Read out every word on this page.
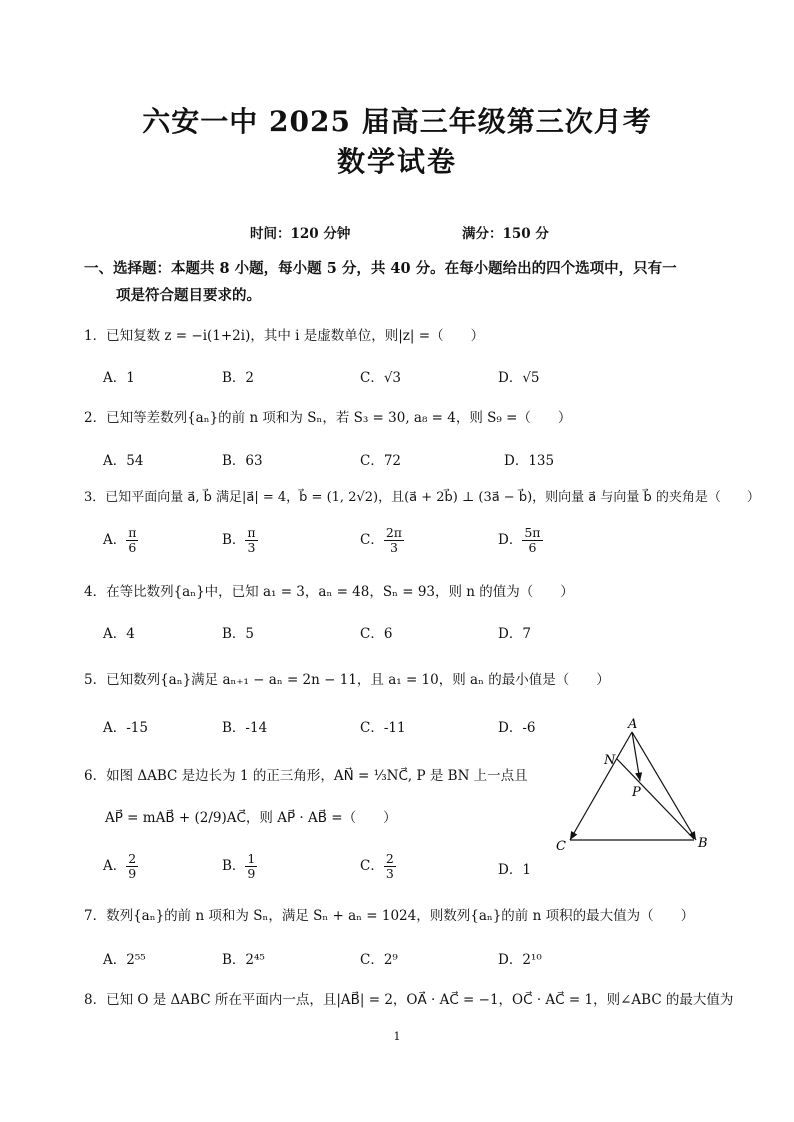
六安一中 2025 届高三年级第三次月考
数学试卷
时间：120 分钟	满分：150 分
一、选择题：本题共 8 小题，每小题 5 分，共 40 分。在每小题给出的四个选项中，只有一
项是符合题目要求的。
1．已知复数 z = −i(1+2i)，其中 i 是虚数单位，则|z| =（　　）
A．1	B．2	C．√3	D．√5
2．已知等差数列{aₙ}的前 n 项和为 Sₙ，若 S₃ = 30, a₈ = 4，则 S₉ =（　　）
A．54	B．63	C．72	D．135
3．已知平面向量 a⃗, b⃗ 满足|a⃗| = 4，b⃗ = (1, 2√2)，且(a⃗ + 2b⃗) ⊥ (3a⃗ − b⃗)，则向量 a⃗ 与向量 b⃗ 的夹角是（　　）
A． $\frac{\pi}{6}$	B． $\frac{\pi}{3}$	C． $\frac{2\pi}{3}$	D． $\frac{5\pi}{6}$
4．在等比数列{aₙ}中，已知 a₁ = 3，aₙ = 48，Sₙ = 93，则 n 的值为（　　）
A．4	B．5	C．6	D．7
5．已知数列{aₙ}满足 aₙ₊₁ − aₙ = 2n − 11，且 a₁ = 10，则 aₙ 的最小值是（　　）
A．-15	B．-14	C．-11	D．-6
6．如图 ΔABC 是边长为 1 的正三角形，AN⃗ = ⅓NC⃗, P 是 BN 上一点且
AP⃗ = mAB⃗ + (2/9)AC⃗，则 AP⃗ · AB⃗ =（　　）
A． $\frac{2}{9}$	B． $\frac{1}{9}$	C． $\frac{2}{3}$	D．1
A
N
P
C	B
7．数列{aₙ}的前 n 项和为 Sₙ，满足 Sₙ + aₙ = 1024，则数列{aₙ}的前 n 项积的最大值为（　　）
A．2⁵⁵	B．2⁴⁵	C．2⁹	D．2¹⁰
8．已知 O 是 ΔABC 所在平面内一点，且|AB⃗| = 2，OA⃗ · AC⃗ = −1，OC⃗ · AC⃗ = 1，则∠ABC 的最大值为
1
